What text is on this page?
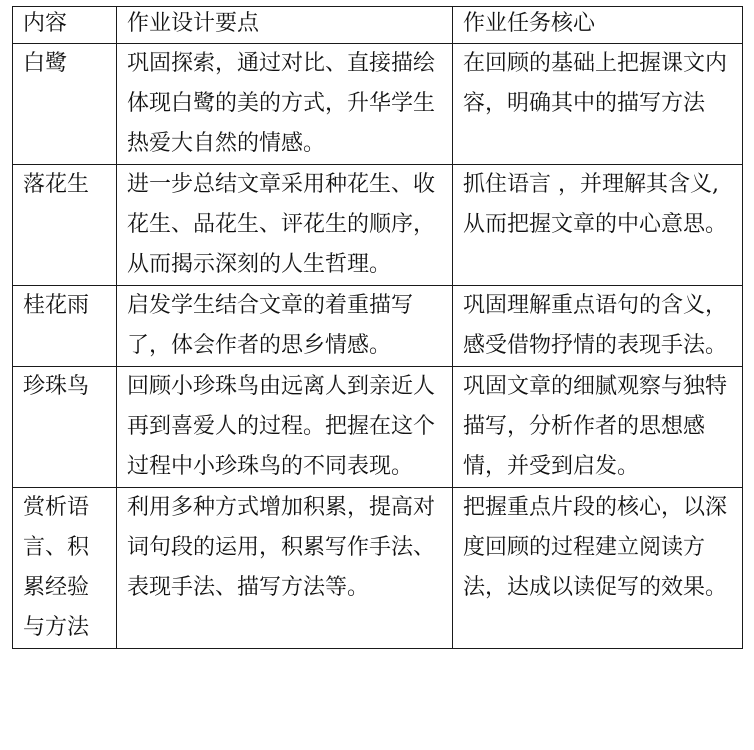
内容	作业设计要点	作业任务核心
白鹭	巩固探索，通过对比、直接描绘体现白鹭的美的方式，升华学生热爱大自然的情感。	在回顾的基础上把握课文内容，明确其中的描写方法
落花生	进一步总结文章采用种花生、收花生、品花生、评花生的顺序，从而揭示深刻的人生哲理。	抓住语言 ，并理解其含义,从而把握文章的中心意思。
桂花雨	启发学生结合文章的着重描写了，体会作者的思乡情感。	巩固理解重点语句的含义，感受借物抒情的表现手法。
珍珠鸟	回顾小珍珠鸟由远离人到亲近人再到喜爱人的过程。把握在这个过程中小珍珠鸟的不同表现。	巩固文章的细腻观察与独特描写，分析作者的思想感情，并受到启发。
赏析语言、积累经验与方法	利用多种方式增加积累，提高对词句段的运用，积累写作手法、表现手法、描写方法等。	把握重点片段的核心，以深度回顾的过程建立阅读方法，达成以读促写的效果。
